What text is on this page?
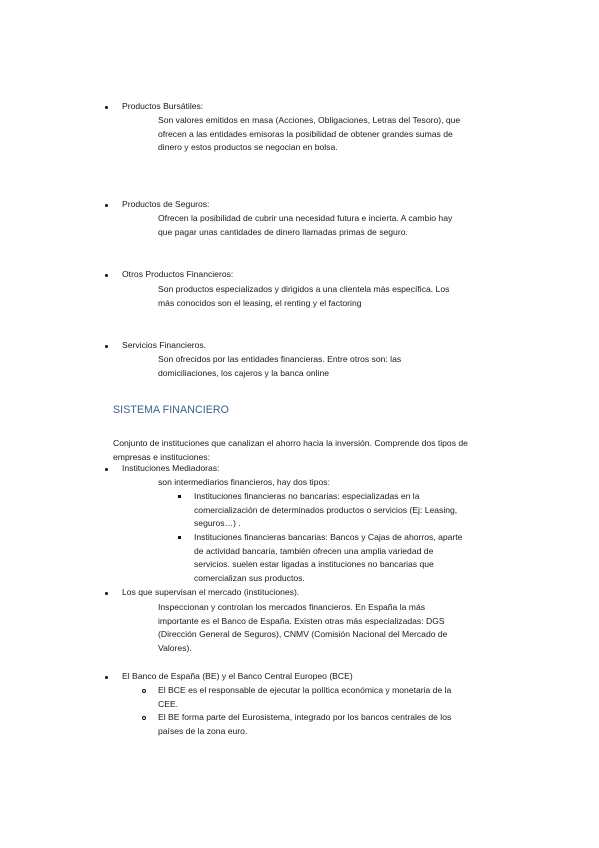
Productos Bursátiles:

Son valores emitidos en masa (Acciones, Obligaciones, Letras del Tesoro), que

ofrecen a las entidades emisoras la posibilidad de obtener grandes sumas de

dinero y estos productos se negocian en bolsa.

Productos de Seguros:

Ofrecen la posibilidad de cubrir una necesidad futura e incierta. A cambio hay

que pagar unas cantidades de dinero llamadas primas de seguro.

Otros Productos Financieros:

Son productos especializados y dirigidos a una clientela más específica. Los

más conocidos son el leasing, el renting y el factoring

Servicios Financieros.

Son ofrecidos por las entidades financieras. Entre otros son: las

domiciliaciones, los cajeros y la banca online

SISTEMA FINANCIERO

Conjunto de instituciones que canalizan el ahorro hacia la inversión. Comprende dos tipos de

empresas e instituciones:

Instituciones Mediadoras:
son intermediarios financieros, hay dos tipos:

Instituciones financieras no bancarias: especializadas en la

comercialización de determinados productos o servicios (Ej: Leasing,

seguros…) .

Instituciones financieras bancarias: Bancos y Cajas de ahorros, aparte

de actividad bancaria, también ofrecen una amplia variedad de

servicios. suelen estar ligadas a instituciones no bancarias que

comercializan sus productos.

Los que supervisan el mercado (instituciones).

Inspeccionan y controlan los mercados financieros. En España la más

importante es el Banco de España. Existen otras más especializadas: DGS

(Dirección General de Seguros), CNMV (Comisión Nacional del Mercado de

Valores).

El Banco de España (BE) y el Banco Central Europeo (BCE)

El BCE es el responsable de ejecutar la política económica y monetaria de la

CEE.

El BE forma parte del Eurosistema, integrado por los bancos centrales de los

países de la zona euro.
